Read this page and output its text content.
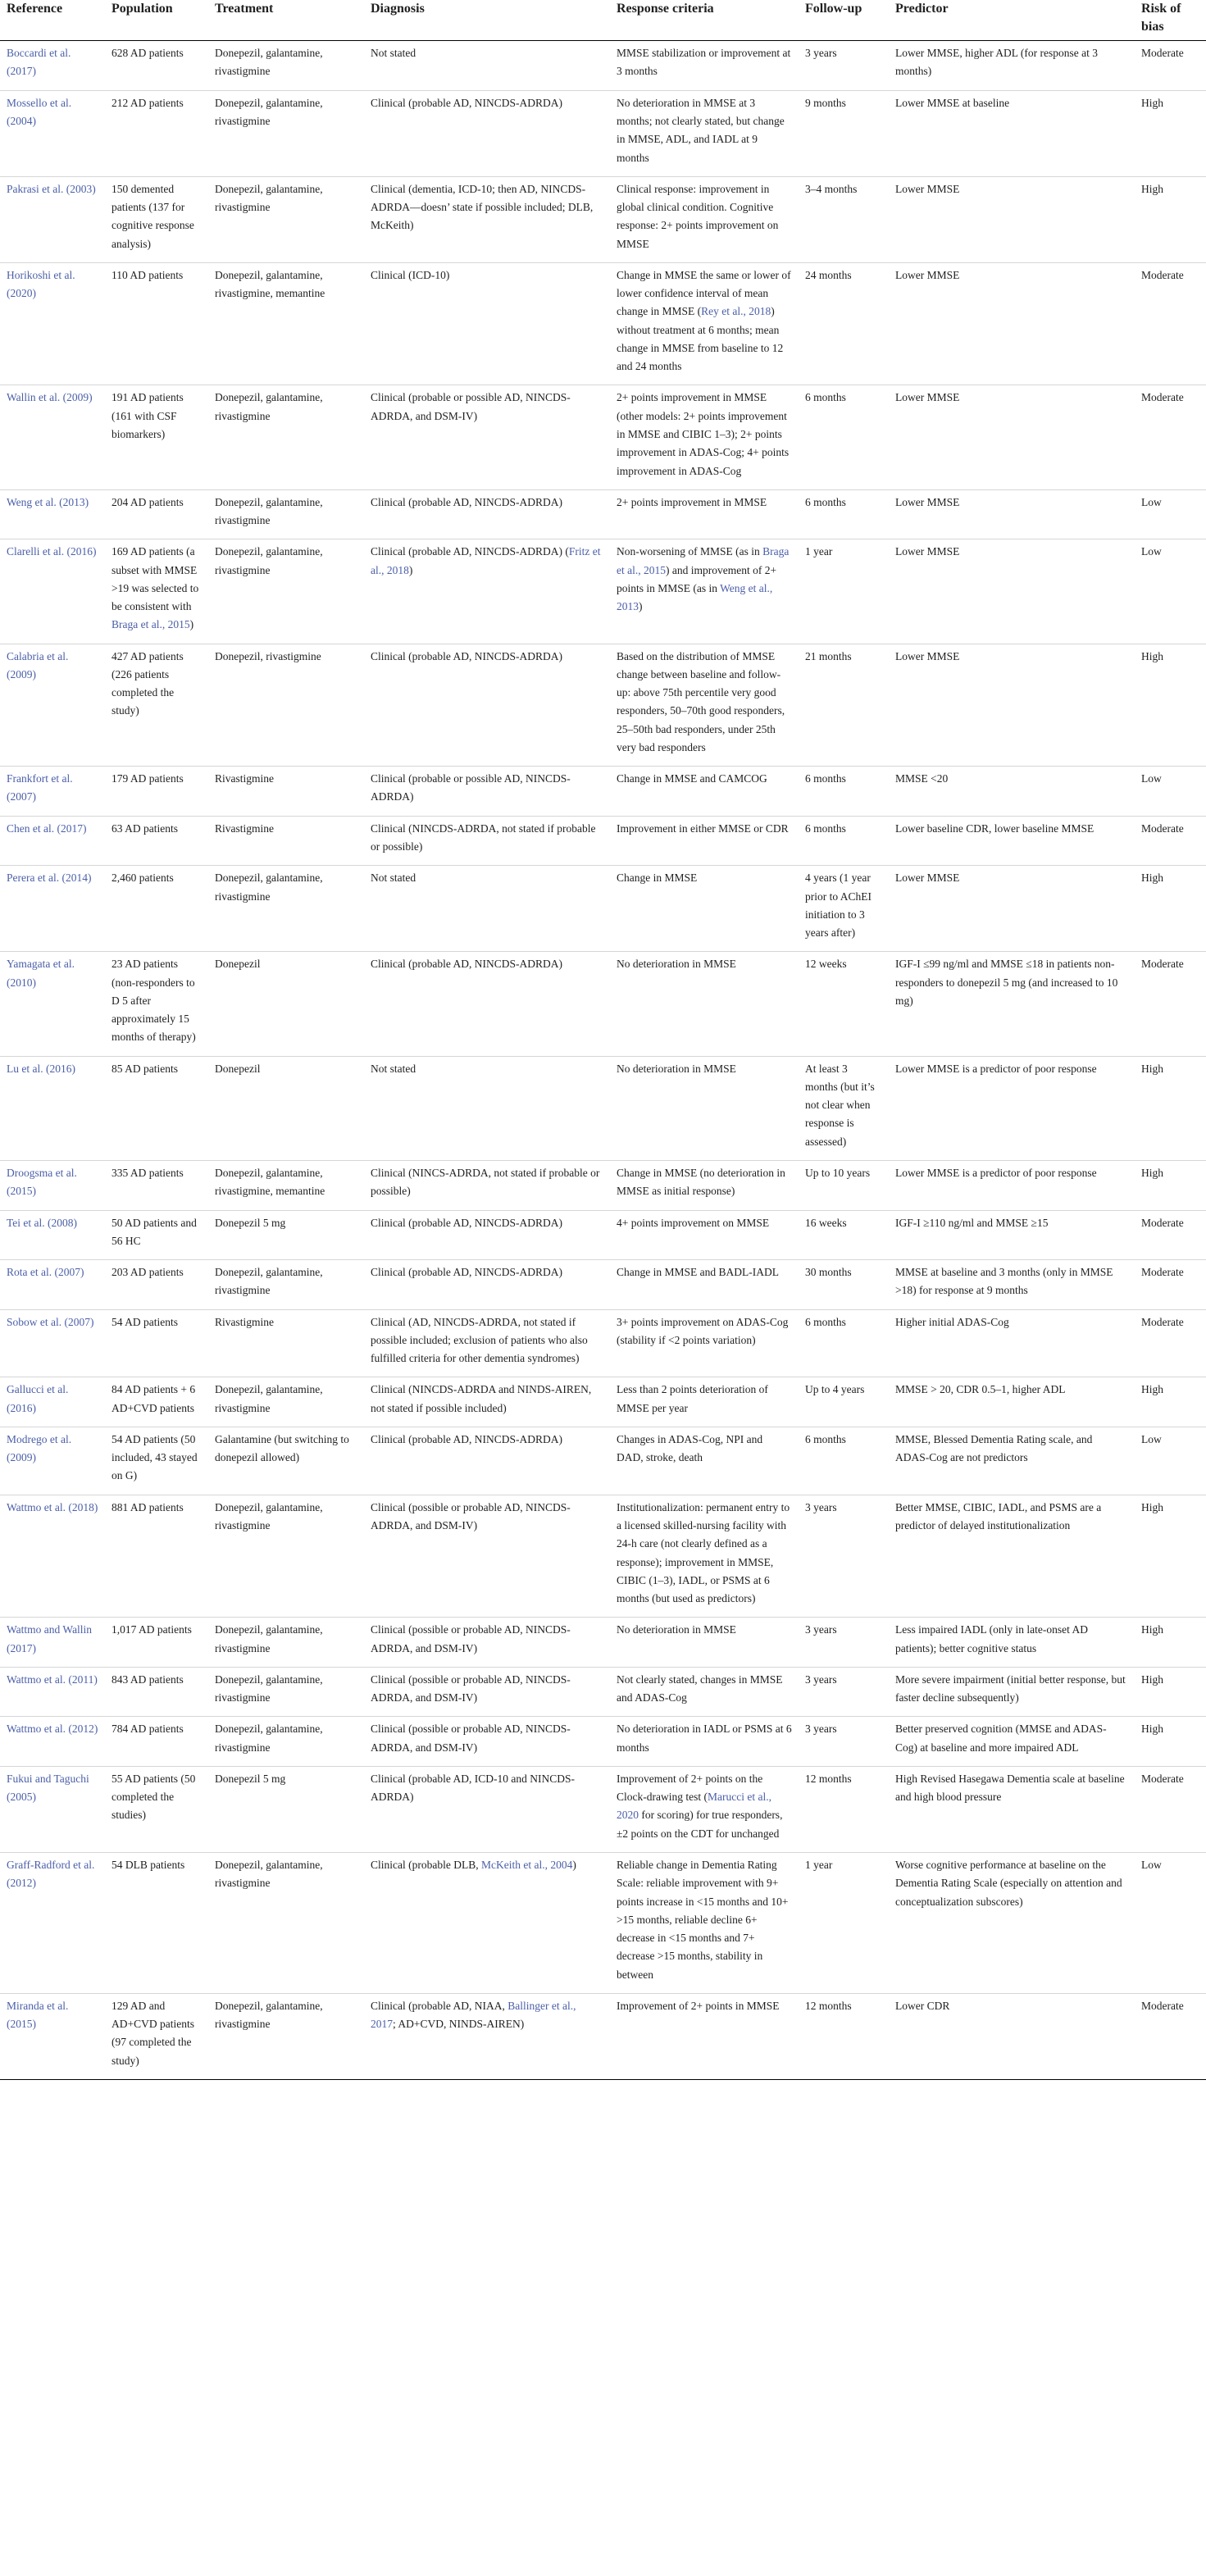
Reference	Population	Treatment	Diagnosis	Response criteria	Follow-up	Predictor	Risk of bias
Boccardi et al. (2017)	628 AD patients	Donepezil, galantamine, rivastigmine	Not stated	MMSE stabilization or improvement at 3 months	3 years	Lower MMSE, higher ADL (for response at 3 months)	Moderate
Mossello et al. (2004)	212 AD patients	Donepezil, galantamine, rivastigmine	Clinical (probable AD, NINCDS-ADRDA)	No deterioration in MMSE at 3 months; not clearly stated, but change in MMSE, ADL, and IADL at 9 months	9 months	Lower MMSE at baseline	High
Pakrasi et al. (2003)	150 demented patients (137 for cognitive response analysis)	Donepezil, galantamine, rivastigmine	Clinical (dementia, ICD-10; then AD, NINCDS-ADRDA—doesn’ state if possible included; DLB, McKeith)	Clinical response: improvement in global clinical condition. Cognitive response: 2+ points improvement on MMSE	3–4 months	Lower MMSE	High
Horikoshi et al. (2020)	110 AD patients	Donepezil, galantamine, rivastigmine, memantine	Clinical (ICD-10)	Change in MMSE the same or lower of lower confidence interval of mean change in MMSE (Rey et al., 2018) without treatment at 6 months; mean change in MMSE from baseline to 12 and 24 months	24 months	Lower MMSE	Moderate
Wallin et al. (2009)	191 AD patients (161 with CSF biomarkers)	Donepezil, galantamine, rivastigmine	Clinical (probable or possible AD, NINCDS-ADRDA, and DSM-IV)	2+ points improvement in MMSE (other models: 2+ points improvement in MMSE and CIBIC 1–3); 2+ points improvement in ADAS-Cog; 4+ points improvement in ADAS-Cog	6 months	Lower MMSE	Moderate
Weng et al. (2013)	204 AD patients	Donepezil, galantamine, rivastigmine	Clinical (probable AD, NINCDS-ADRDA)	2+ points improvement in MMSE	6 months	Lower MMSE	Low
Clarelli et al. (2016)	169 AD patients (a subset with MMSE >19 was selected to be consistent with Braga et al., 2015)	Donepezil, galantamine, rivastigmine	Clinical (probable AD, NINCDS-ADRDA) (Fritz et al., 2018)	Non-worsening of MMSE (as in Braga et al., 2015) and improvement of 2+ points in MMSE (as in Weng et al., 2013)	1 year	Lower MMSE	Low
Calabria et al. (2009)	427 AD patients (226 patients completed the study)	Donepezil, rivastigmine	Clinical (probable AD, NINCDS-ADRDA)	Based on the distribution of MMSE change between baseline and follow-up: above 75th percentile very good responders, 50–70th good responders, 25–50th bad responders, under 25th very bad responders	21 months	Lower MMSE	High
Frankfort et al. (2007)	179 AD patients	Rivastigmine	Clinical (probable or possible AD, NINCDS-ADRDA)	Change in MMSE and CAMCOG	6 months	MMSE <20	Low
Chen et al. (2017)	63 AD patients	Rivastigmine	Clinical (NINCDS-ADRDA, not stated if probable or possible)	Improvement in either MMSE or CDR	6 months	Lower baseline CDR, lower baseline MMSE	Moderate
Perera et al. (2014)	2,460 patients	Donepezil, galantamine, rivastigmine	Not stated	Change in MMSE	4 years (1 year prior to AChEI initiation to 3 years after)	Lower MMSE	High
Yamagata et al. (2010)	23 AD patients (non-responders to D 5 after approximately 15 months of therapy)	Donepezil	Clinical (probable AD, NINCDS-ADRDA)	No deterioration in MMSE	12 weeks	IGF-I ≤99 ng/ml and MMSE ≤18 in patients non-responders to donepezil 5 mg (and increased to 10 mg)	Moderate
Lu et al. (2016)	85 AD patients	Donepezil	Not stated	No deterioration in MMSE	At least 3 months (but it’s not clear when response is assessed)	Lower MMSE is a predictor of poor response	High
Droogsma et al. (2015)	335 AD patients	Donepezil, galantamine, rivastigmine, memantine	Clinical (NINCS-ADRDA, not stated if probable or possible)	Change in MMSE (no deterioration in MMSE as initial response)	Up to 10 years	Lower MMSE is a predictor of poor response	High
Tei et al. (2008)	50 AD patients and 56 HC	Donepezil 5 mg	Clinical (probable AD, NINCDS-ADRDA)	4+ points improvement on MMSE	16 weeks	IGF-I ≥110 ng/ml and MMSE ≥15	Moderate
Rota et al. (2007)	203 AD patients	Donepezil, galantamine, rivastigmine	Clinical (probable AD, NINCDS-ADRDA)	Change in MMSE and BADL-IADL	30 months	MMSE at baseline and 3 months (only in MMSE >18) for response at 9 months	Moderate
Sobow et al. (2007)	54 AD patients	Rivastigmine	Clinical (AD, NINCDS-ADRDA, not stated if possible included; exclusion of patients who also fulfilled criteria for other dementia syndromes)	3+ points improvement on ADAS-Cog (stability if <2 points variation)	6 months	Higher initial ADAS-Cog	Moderate
Gallucci et al. (2016)	84 AD patients + 6 AD+CVD patients	Donepezil, galantamine, rivastigmine	Clinical (NINCDS-ADRDA and NINDS-AIREN, not stated if possible included)	Less than 2 points deterioration of MMSE per year	Up to 4 years	MMSE > 20, CDR 0.5–1, higher ADL	High
Modrego et al. (2009)	54 AD patients (50 included, 43 stayed on G)	Galantamine (but switching to donepezil allowed)	Clinical (probable AD, NINCDS-ADRDA)	Changes in ADAS-Cog, NPI and DAD, stroke, death	6 months	MMSE, Blessed Dementia Rating scale, and ADAS-Cog are not predictors	Low
Wattmo et al. (2018)	881 AD patients	Donepezil, galantamine, rivastigmine	Clinical (possible or probable AD, NINCDS-ADRDA, and DSM-IV)	Institutionalization: permanent entry to a licensed skilled-nursing facility with 24-h care (not clearly defined as a response); improvement in MMSE, CIBIC (1–3), IADL, or PSMS at 6 months (but used as predictors)	3 years	Better MMSE, CIBIC, IADL, and PSMS are a predictor of delayed institutionalization	High
Wattmo and Wallin (2017)	1,017 AD patients	Donepezil, galantamine, rivastigmine	Clinical (possible or probable AD, NINCDS-ADRDA, and DSM-IV)	No deterioration in MMSE	3 years	Less impaired IADL (only in late-onset AD patients); better cognitive status	High
Wattmo et al. (2011)	843 AD patients	Donepezil, galantamine, rivastigmine	Clinical (possible or probable AD, NINCDS-ADRDA, and DSM-IV)	Not clearly stated, changes in MMSE and ADAS-Cog	3 years	More severe impairment (initial better response, but faster decline subsequently)	High
Wattmo et al. (2012)	784 AD patients	Donepezil, galantamine, rivastigmine	Clinical (possible or probable AD, NINCDS-ADRDA, and DSM-IV)	No deterioration in IADL or PSMS at 6 months	3 years	Better preserved cognition (MMSE and ADAS-Cog) at baseline and more impaired ADL	High
Fukui and Taguchi (2005)	55 AD patients (50 completed the studies)	Donepezil 5 mg	Clinical (probable AD, ICD-10 and NINCDS-ADRDA)	Improvement of 2+ points on the Clock-drawing test (Marucci et al., 2020 for scoring) for true responders, ±2 points on the CDT for unchanged	12 months	High Revised Hasegawa Dementia scale at baseline and high blood pressure	Moderate
Graff-Radford et al. (2012)	54 DLB patients	Donepezil, galantamine, rivastigmine	Clinical (probable DLB, McKeith et al., 2004)	Reliable change in Dementia Rating Scale: reliable improvement with 9+ points increase in <15 months and 10+ >15 months, reliable decline 6+ decrease in <15 months and 7+ decrease >15 months, stability in between	1 year	Worse cognitive performance at baseline on the Dementia Rating Scale (especially on attention and conceptualization subscores)	Low
Miranda et al. (2015)	129 AD and AD+CVD patients (97 completed the study)	Donepezil, galantamine, rivastigmine	Clinical (probable AD, NIAA, Ballinger et al., 2017; AD+CVD, NINDS-AIREN)	Improvement of 2+ points in MMSE	12 months	Lower CDR	Moderate
